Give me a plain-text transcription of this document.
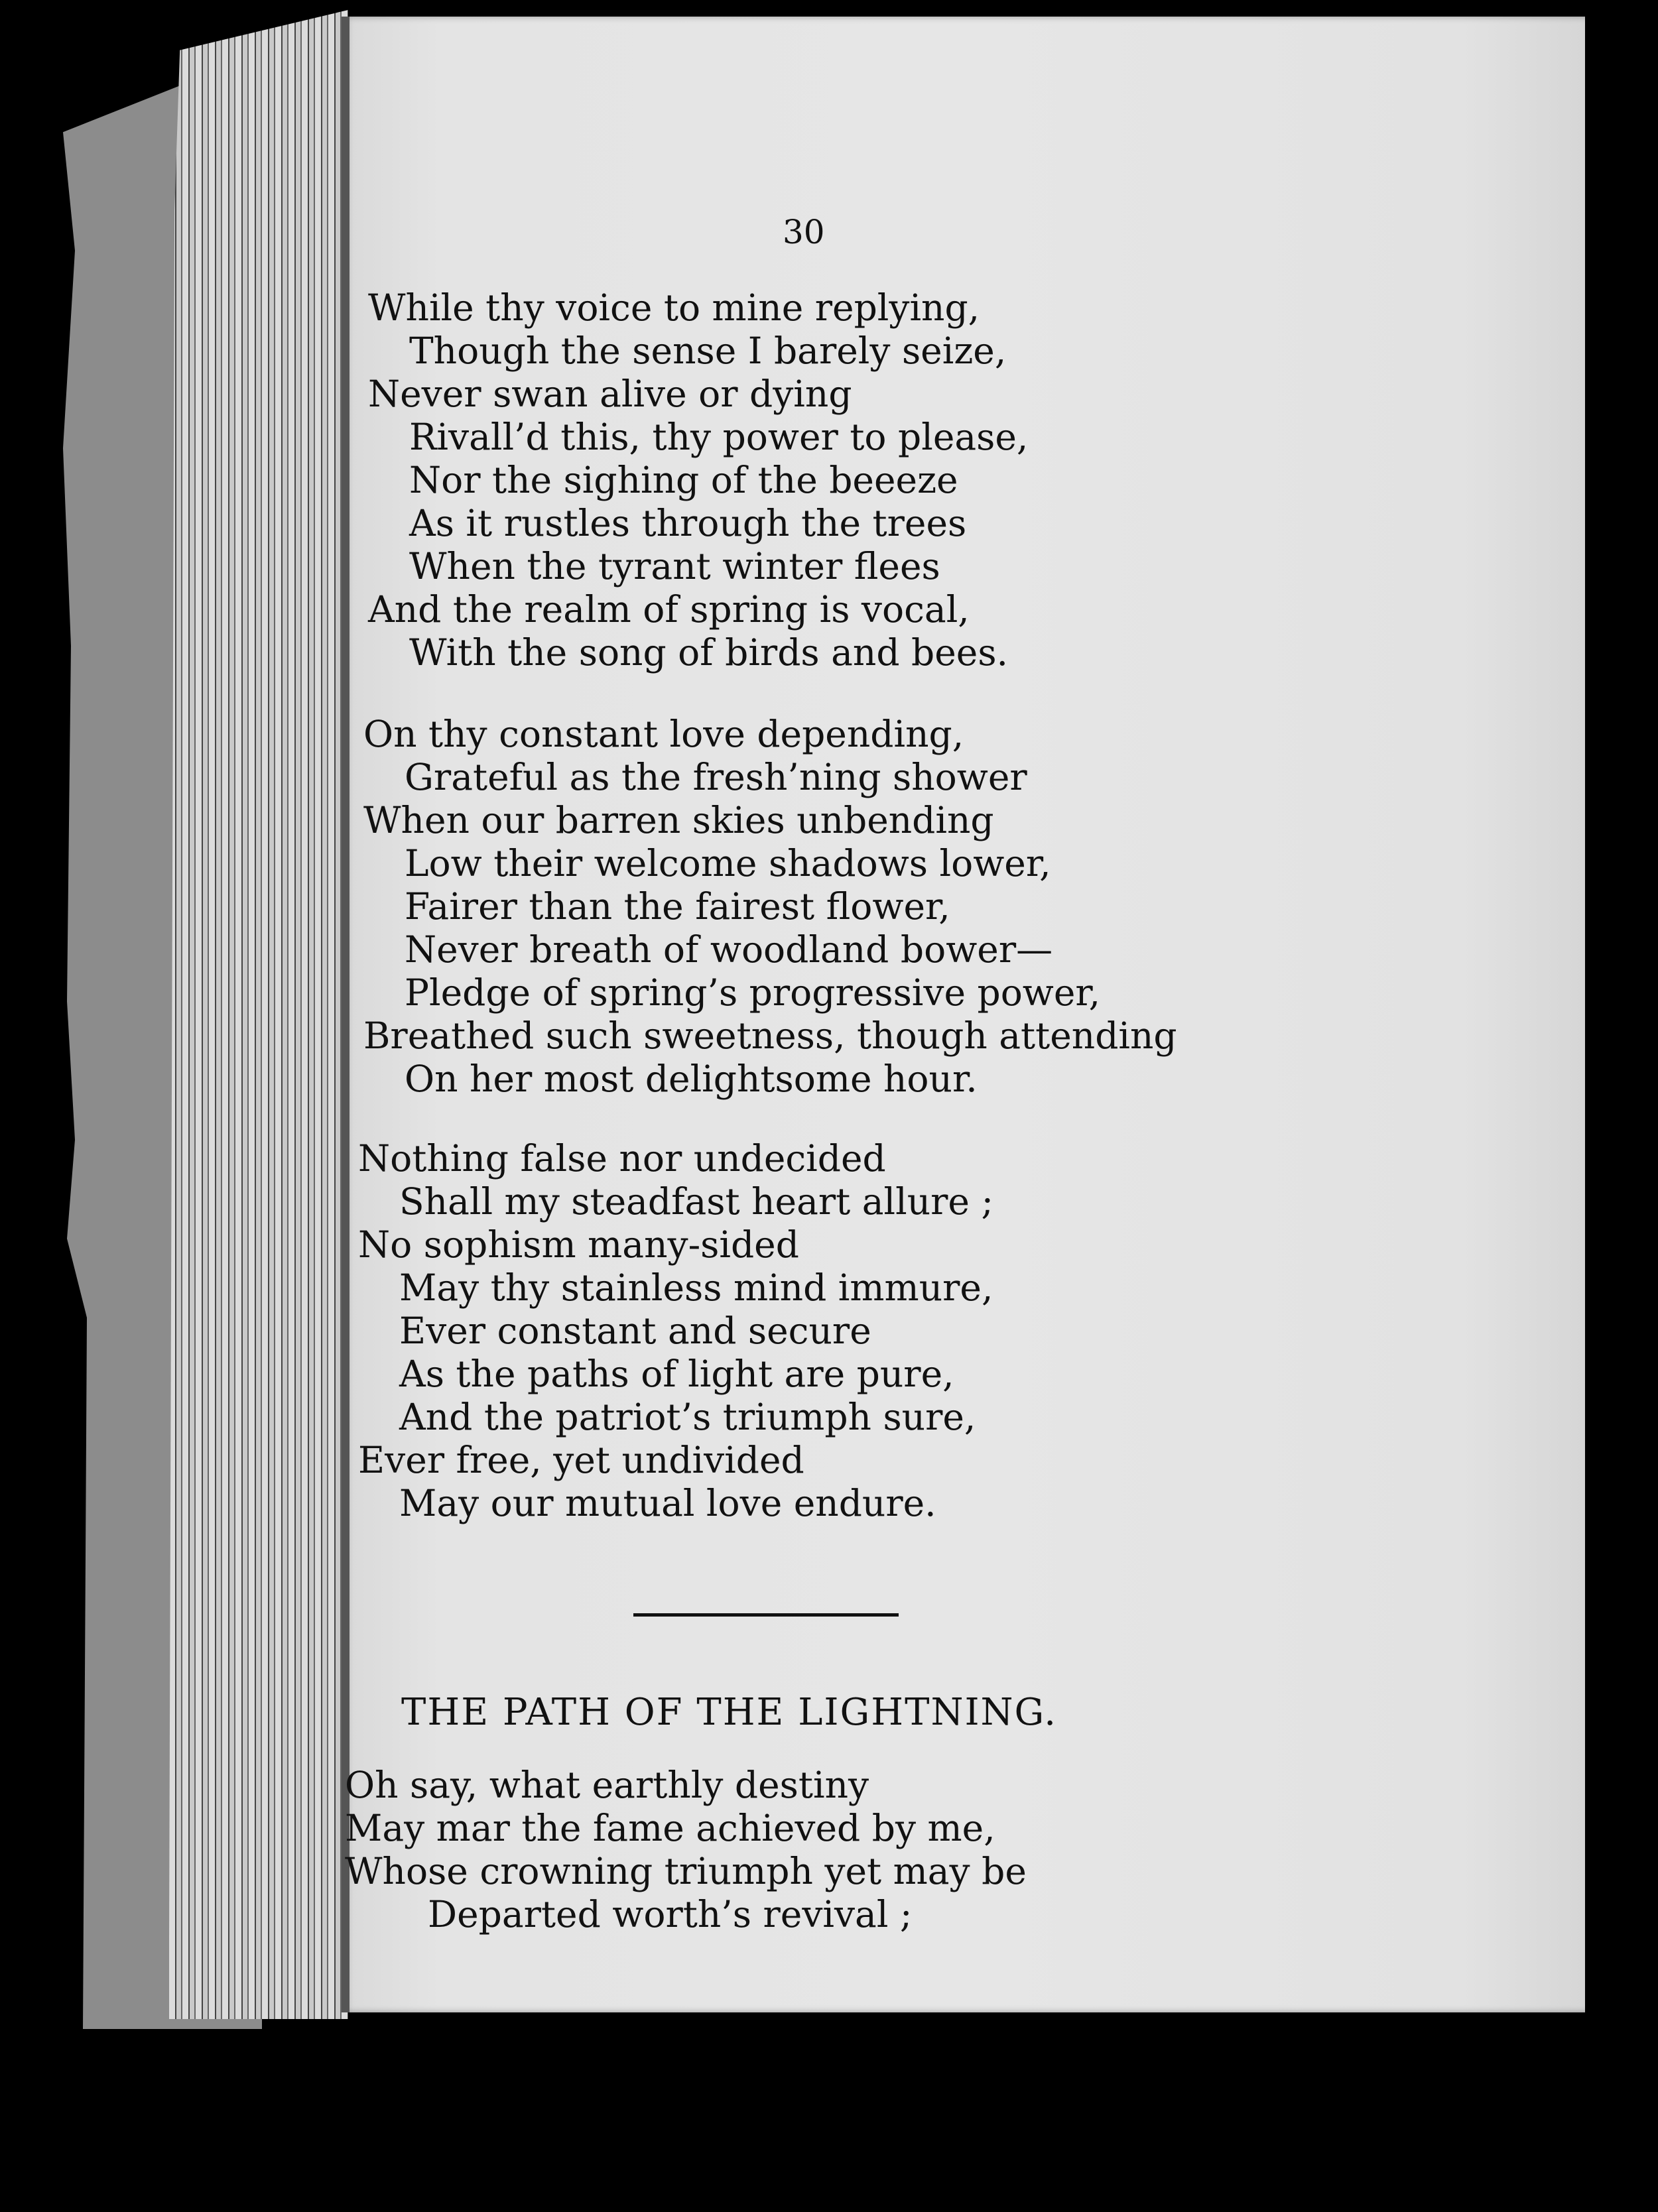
30

While thy voice to mine replying,
Though the sense I barely seize,
Never swan alive or dying
Rivall’d this, thy power to please,
Nor the sighing of the beeeze
As it rustles through the trees
When the tyrant winter flees
And the realm of spring is vocal,
With the song of birds and bees.
On thy constant love depending,
Grateful as the fresh’ning shower
When our barren skies unbending
Low their welcome shadows lower,
Fairer than the fairest flower,
Never breath of woodland bower—
Pledge of spring’s progressive power,
Breathed such sweetness, though attending
On her most delightsome hour.
Nothing false nor undecided
Shall my steadfast heart allure ;
No sophism many-sided
May thy stainless mind immure,
Ever constant and secure
As the paths of light are pure,
And the patriot’s triumph sure,
Ever free, yet undivided
May our mutual love endure.
THE PATH OF THE LIGHTNING.
Oh say, what earthly destiny
May mar the fame achieved by me,
Whose crowning triumph yet may be
Departed worth’s revival ;
